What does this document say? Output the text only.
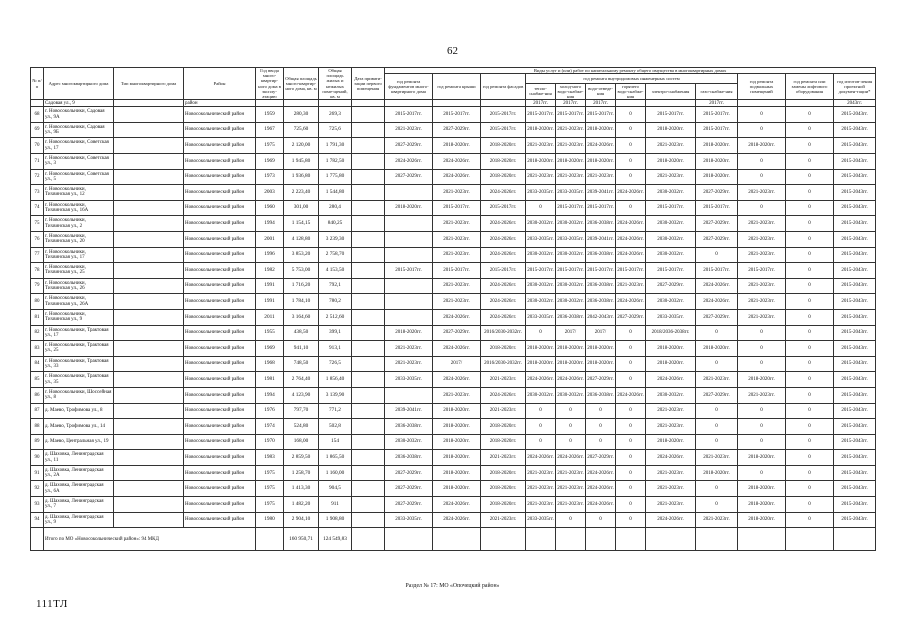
62
№ п/п	Адрес многоквартирного дома	Тип многоквартирного дома	Район	Год ввода много-квартир-ного дома в эксплу-атацию	Общая площадь много-квартир-ного дома, кв. м	Общая площадь жилых и нежилых поме-щений, кв. м	Дата привати-зации первого помещения	Виды услуг и (или) работ по капитальному ремонту общего имущества в многоквартирных домах											
								год ремонта фундаментов много-квартирного дома	год ремонта крыши	год ремонта фасадов	год ремонта внутридомовых инженерных систем						год ремонта подвальных помещений	год ремонта или замены лифтового оборудования	год изготов-ления проектной докумен-тации*
											тепло-снабже-ния	холод-ного водо-снабже-ния	водо-отведе-ния	горячего водо-снабже-ния	электро-снабжения	газо-снабже-ния			
	Садовая ул., 9		район								2017гг.	2017гг.	2017гг.			2017гг.			2043гг.
68	г. Новосокольники, Садовая ул., 9А		Новосокольнический район	1959	280,30	269,3		2015-2017гг.	2015-2017гг.	2015-2017гг.	2015-2017гг.	2015-2017гг.	2015-2017гг.	0	2015-2017гг.	2015-2017гг.	0	0	2015-2043гг.
69	г. Новосокольники, Садовая ул., 9Б		Новосокольнический район	1967	725,60	725,6		2021-2023гг.	2027-2029гг.	2015-2017гг.	2018-2020гг.	2021-2023гг.	2018-2020гг.	0	2018-2020гг.	2015-2017гг.	0	0	2015-2043гг.
70	г. Новосокольники, Советская ул., 17		Новосокольнический район	1975	2 120,00	1 791,30		2027-2029гг.	2018-2020гг.	2018-2020гг.	2021-2023гг.	2021-2023гг.	2024-2026гг.	0	2021-2023гг.	2018-2020гг.	2018-2020гг.	0	2015-2043гг.
71	г. Новосокольники, Советская ул., 3		Новосокольнический район	1969	1 945,80	1 782,50		2024-2026гг.	2024-2026гг.	2018-2020гг.	2018-2020гг.	2018-2020гг.	2018-2020гг.	0	2018-2020гг.	2018-2020гг.	0	0	2015-2043гг.
72	г. Новосокольники, Советская ул., 5		Новосокольнический район	1973	1 936,80	1 775,80		2027-2029гг.	2024-2026гг.	2018-2020гг.	2021-2023гг.	2021-2023гг.	2021-2023гг.	0	2021-2023гг.	2018-2020гг.	0	0	2015-2043гг.
73	г. Новосокольники, Тихвинская ул., 12		Новосокольнический район	2003	2 223,40	1 544,80			2021-2023гг.	2024-2026гг.	2033-2035гг.	2033-2035гг.	2039-2041гг.	2024-2026гг.	2030-2032гг.	2027-2029гг.	2021-2023гг.	0	2015-2043гг.
74	г. Новосокольники, Тихвинская ул., 16А		Новосокольнический район	1960	301,00	280,4		2018-2020гг.	2015-2017гг.	2015-2017гг.	0	2015-2017гг.	2015-2017гг.	0	2015-2017гг.	2015-2017гг.	0	0	2015-2043гг.
75	г. Новосокольники, Тихвинская ул., 2		Новосокольнический район	1994	1 154,15	840,25			2021-2023гг.	2024-2026гг.	2030-2032гг.	2030-2032гг.	2036-2038гг.	2024-2026гг.	2030-2032гг.	2027-2029гг.	2021-2023гг.	0	2015-2043гг.
76	г. Новосокольники, Тихвинская ул., 20		Новосокольнический район	2001	4 128,80	3 239,30			2021-2023гг.	2024-2026гг.	2033-2035гг.	2033-2035гг.	2039-2041гг.	2024-2026гг.	2030-2032гг.	2027-2029гг.	2021-2023гг.	0	2015-2043гг.
77	г. Новосокольники, Тихвинская ул., 17		Новосокольнический район	1996	3 853,20	2 758,70			2021-2023гг.	2024-2026гг.	2030-2032гг.	2030-2032гг.	2036-2038гг.	2024-2026гг.	2030-2032гг.	0	2021-2023гг.	0	2015-2043гг.
78	г. Новосокольники, Тихвинская ул., 25		Новосокольнический район	1982	5 753,00	4 153,50		2015-2017гг.	2015-2017гг.	2015-2017гг.	2015-2017гг.	2015-2017гг.	2015-2017гг.	2015-2017гг.	2015-2017гг.	2015-2017гг.	2015-2017гг.	0	2015-2043гг.
79	г. Новосокольники, Тихвинская ул., 26		Новосокольнический район	1991	1 716,20	792,1			2021-2023гг.	2024-2026гг.	2030-2032гг.	2030-2032гг.	2036-2038гг.	2021-2023гг.	2027-2029гг.	2024-2026гг.	2021-2023гг.	0	2015-2043гг.
80	г. Новосокольники, Тихвинская ул., 26А		Новосокольнический район	1991	1 784,10	780,2			2021-2023гг.	2024-2026гг.	2030-2032гг.	2030-2032гг.	2036-2038гг.	2024-2026гг.	2030-2032гг.	2024-2026гг.	2021-2023гг.	0	2015-2043гг.
81	г. Новосокольники, Тихвинская ул., 9		Новосокольнический район	2011	3 164,60	2 512,60			2024-2026гг.	2024-2026гг.	2033-2035гг.	2036-2038гг.	2042-2043гг.	2027-2029гг.	2033-2035гг.	2027-2029гг.	2021-2023гг.	0	2015-2043гг.
82	г. Новосокольники, Трактовая ул., 17		Новосокольнический район	1955	438,50	399,1		2018-2020гг.	2027-2029гг.	2016/2030-2032гг.	0	2017/	2017/	0	2018/2036-2038гг.	0	0	0	2015-2043гг.
83	г. Новосокольники, Трактовая ул., 25		Новосокольнический район	1969	941,10	913,1		2021-2023гг.	2024-2026гг.	2018-2020гг.	2018-2020гг.	2018-2020гг.	2018-2020гг.	0	2018-2020гг.	2018-2020гг.	0	0	2015-2043гг.
84	г. Новосокольники, Трактовая ул., 33		Новосокольнический район	1968	748,50	726,5		2021-2023гг.	2017/	2016/2030-2032гг.	2018-2020гг.	2018-2020гг.	2018-2020гг.	0	2018-2020гг.	0	0	0	2015-2043гг.
85	г. Новосокольники, Трактовая ул., 35		Новосокольнический район	1981	2 764,40	1 856,40		2033-2035гг.	2024-2026гг.	2021-2023гг.	2024-2026гг.	2024-2026гг.	2027-2029гг.	0	2024-2026гг.	2021-2023гг.	2018-2020гг.	0	2015-2043гг.
86	г. Новосокольники, Шоссейная ул., 8		Новосокольнический район	1994	4 123,90	3 139,90			2021-2023гг.	2024-2026гг.	2030-2032гг.	2030-2032гг.	2036-2038гг.	2024-2026гг.	2030-2032гг.	2027-2029гг.	2021-2023гг.	0	2015-2043гг.
87	д. Маево, Трофимова ул., 8		Новосокольнический район	1976	797,70	771,2		2039-2041гг.	2018-2020гг.	2021-2023гг.	0	0	0	0	2021-2023гг.	0	0	0	2015-2043гг.
88	д. Маево, Трофимова ул., 14		Новосокольнический район	1974	524,80	502,8		2036-2038гг.	2018-2020гг.	2018-2020гг.	0	0	0	0	2021-2023гг.	0	0	0	2015-2043гг.
89	д. Маево, Центральная ул., 19		Новосокольнический район	1970	168,00	154		2030-2032гг.	2018-2020гг.	2018-2020гг.	0	0	0	0	2018-2020гг.	0	0	0	2015-2043гг.
90	д. Шаховка, Ленинградская ул., 11		Новосокольнический район	1983	2 859,50	1 865,50		2036-2038гг.	2018-2020гг.	2021-2023гг.	2024-2026гг.	2024-2026гг.	2027-2029гг.	0	2024-2026гг.	2021-2023гг.	2018-2020гг.	0	2015-2043гг.
91	д. Шаховка, Ленинградская ул., 2А		Новосокольнический район	1975	1 258,70	1 160,00		2027-2029гг.	2018-2020гг.	2018-2020гг.	2021-2023гг.	2021-2023гг.	2024-2026гг.	0	2021-2023гг.	2018-2020гг.	0	0	2015-2043гг.
92	д. Шаховка, Ленинградская ул., 6А		Новосокольнический район	1975	1 413,30	904,5		2027-2029гг.	2018-2020гг.	2018-2020гг.	2021-2023гг.	2021-2023гг.	2024-2026гг.	0	2021-2023гг.	0	2018-2020гг.	0	2015-2043гг.
93	д. Шаховка, Ленинградская ул., 7		Новосокольнический район	1975	1 482,20	911		2027-2029гг.	2024-2026гг.	2018-2020гг.	2021-2023гг.	2021-2023гг.	2024-2026гг.	0	2021-2023гг.	0	2018-2020гг.	0	2015-2043гг.
94	д. Шаховка, Ленинградская ул., 9		Новосокольнический район	1980	2 904,10	1 908,80		2033-2035гг.	2024-2026гг.	2021-2023гг.	2033-2035гг.	0	0	0	2024-2026гг.	2021-2023гг.	2018-2020гг.	0	2015-2043гг.
	Итого по МО «Новосокольнический район»: 94 МКД				160 950,71	124 549,83													
Раздел № 17: МО «Опочецкий район»
111ТЛ
